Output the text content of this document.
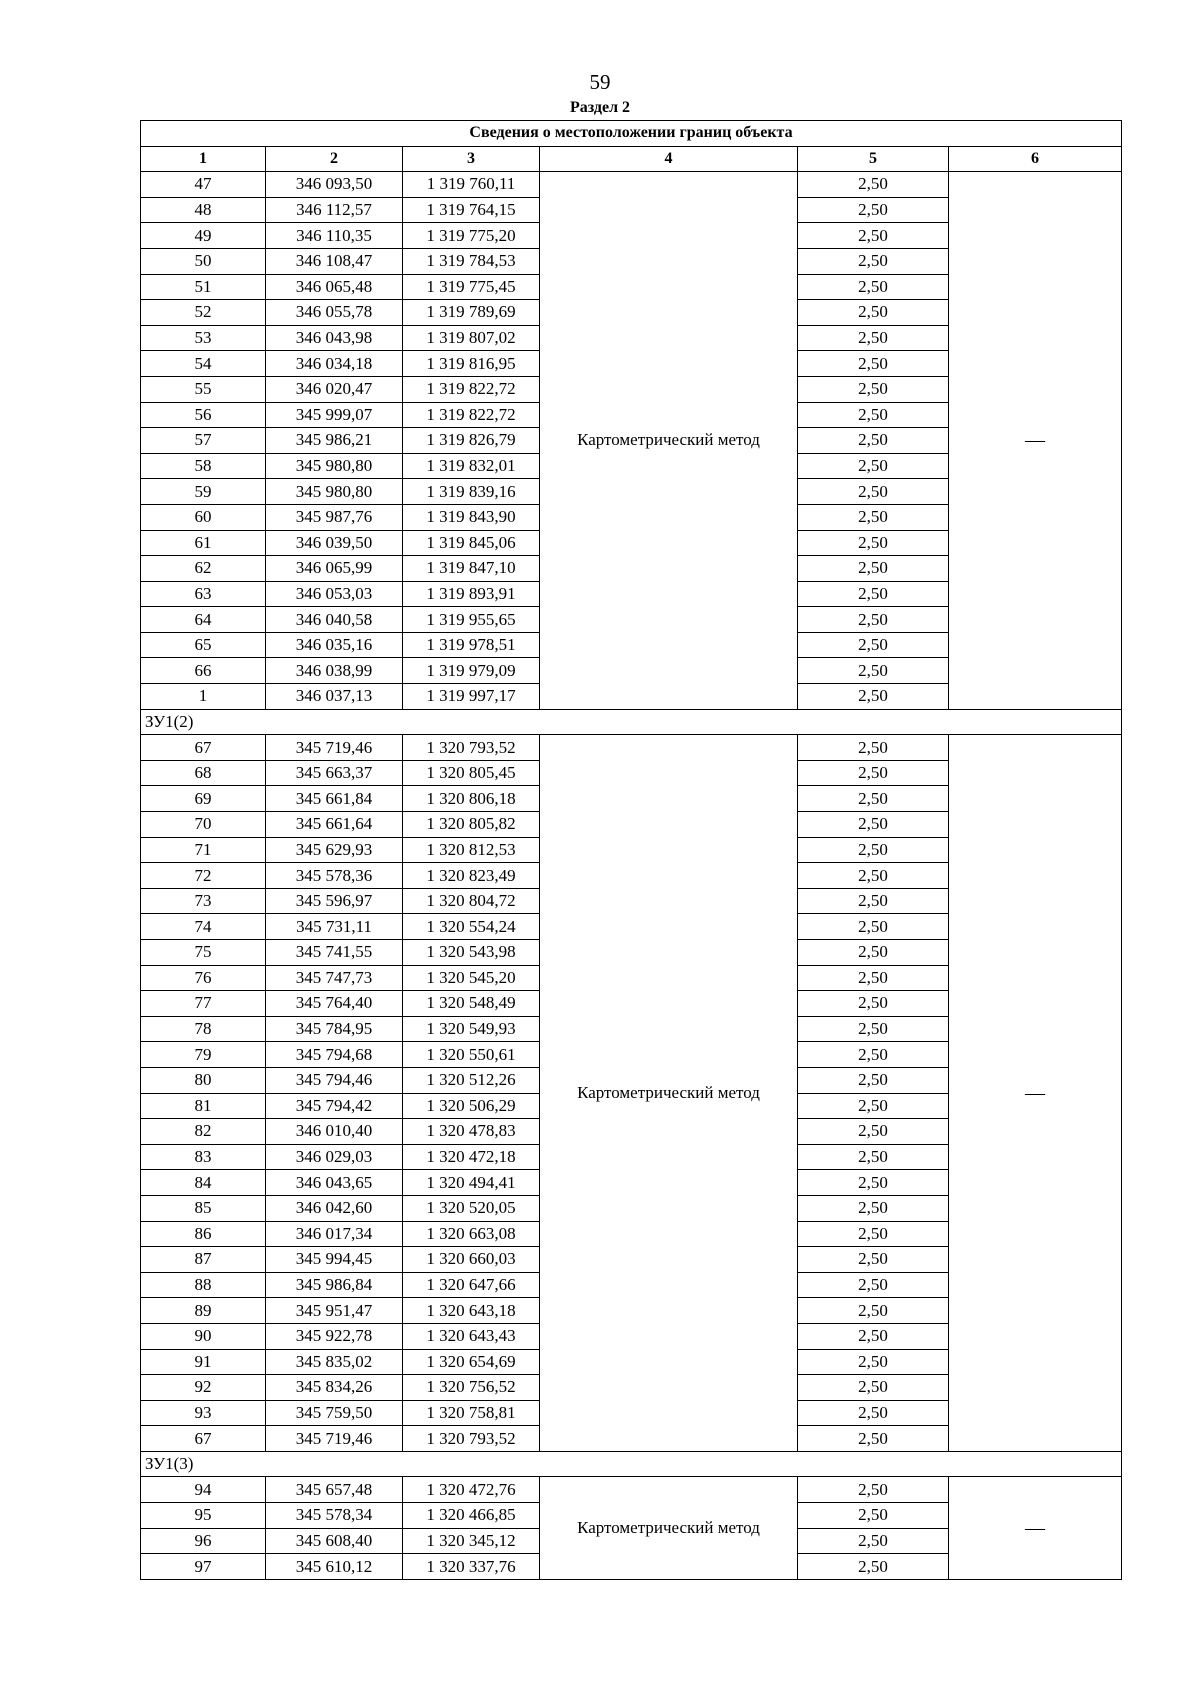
59
Раздел 2
Сведения о местоположении границ объекта					
1	2	3	4	5	6
47	346 093,50	1 319 760,11	Картометрический метод	2,50	—
48	346 112,57	1 319 764,15		2,50	
49	346 110,35	1 319 775,20		2,50	
50	346 108,47	1 319 784,53		2,50	
51	346 065,48	1 319 775,45		2,50	
52	346 055,78	1 319 789,69		2,50	
53	346 043,98	1 319 807,02		2,50	
54	346 034,18	1 319 816,95		2,50	
55	346 020,47	1 319 822,72		2,50	
56	345 999,07	1 319 822,72		2,50	
57	345 986,21	1 319 826,79		2,50	
58	345 980,80	1 319 832,01		2,50	
59	345 980,80	1 319 839,16		2,50	
60	345 987,76	1 319 843,90		2,50	
61	346 039,50	1 319 845,06		2,50	
62	346 065,99	1 319 847,10		2,50	
63	346 053,03	1 319 893,91		2,50	
64	346 040,58	1 319 955,65		2,50	
65	346 035,16	1 319 978,51		2,50	
66	346 038,99	1 319 979,09		2,50	
1	346 037,13	1 319 997,17		2,50	
ЗУ1(2)					
67	345 719,46	1 320 793,52	Картометрический метод	2,50	—
68	345 663,37	1 320 805,45		2,50	
69	345 661,84	1 320 806,18		2,50	
70	345 661,64	1 320 805,82		2,50	
71	345 629,93	1 320 812,53		2,50	
72	345 578,36	1 320 823,49		2,50	
73	345 596,97	1 320 804,72		2,50	
74	345 731,11	1 320 554,24		2,50	
75	345 741,55	1 320 543,98		2,50	
76	345 747,73	1 320 545,20		2,50	
77	345 764,40	1 320 548,49		2,50	
78	345 784,95	1 320 549,93		2,50	
79	345 794,68	1 320 550,61		2,50	
80	345 794,46	1 320 512,26		2,50	
81	345 794,42	1 320 506,29		2,50	
82	346 010,40	1 320 478,83		2,50	
83	346 029,03	1 320 472,18		2,50	
84	346 043,65	1 320 494,41		2,50	
85	346 042,60	1 320 520,05		2,50	
86	346 017,34	1 320 663,08		2,50	
87	345 994,45	1 320 660,03		2,50	
88	345 986,84	1 320 647,66		2,50	
89	345 951,47	1 320 643,18		2,50	
90	345 922,78	1 320 643,43		2,50	
91	345 835,02	1 320 654,69		2,50	
92	345 834,26	1 320 756,52		2,50	
93	345 759,50	1 320 758,81		2,50	
67	345 719,46	1 320 793,52		2,50	
ЗУ1(3)					
94	345 657,48	1 320 472,76	Картометрический метод	2,50	—
95	345 578,34	1 320 466,85		2,50	
96	345 608,40	1 320 345,12		2,50	
97	345 610,12	1 320 337,76		2,50	
